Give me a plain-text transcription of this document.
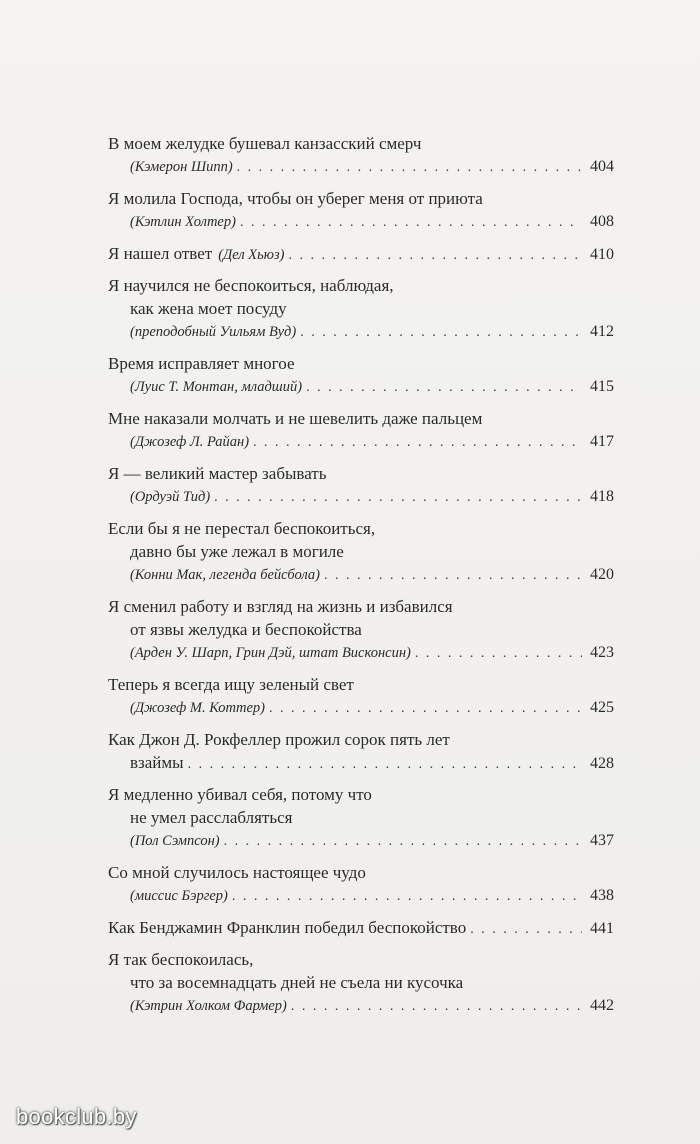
В моем желудке бушевал канзасский смерч
(Кэмерон Шипп) . . .	404
Я молила Господа, чтобы он уберег меня от приюта
(Кэтлин Холтер) . . .	408
Я нашел ответ (Дел Хьюз) . . .	410
Я научился не беспокоиться, наблюдая,
как жена моет посуду
(преподобный Уильям Вуд) . . .	412
Время исправляет многое
(Луис Т. Монтан, младший) . . .	415
Мне наказали молчать и не шевелить даже пальцем
(Джозеф Л. Райан) . . .	417
Я — великий мастер забывать
(Ордуэй Тид) . . .	418
Если бы я не перестал беспокоиться,
давно бы уже лежал в могиле
(Конни Мак, легенда бейсбола) . . .	420
Я сменил работу и взгляд на жизнь и избавился
от язвы желудка и беспокойства
(Арден У. Шарп, Грин Дэй, штат Висконсин) . . .	423
Теперь я всегда ищу зеленый свет
(Джозеф М. Коттер) . . .	425
Как Джон Д. Рокфеллер прожил сорок пять лет
взаймы . . .	428
Я медленно убивал себя, потому что
не умел расслабляться
(Пол Сэмпсон) . . .	437
Со мной случилось настоящее чудо
(миссис Бэргер) . . .	438
Как Бенджамин Франклин победил беспокойство . . .	441
Я так беспокоилась,
что за восемнадцать дней не съела ни кусочка
(Кэтрин Холком Фармер) . . .	442
bookclub.by
